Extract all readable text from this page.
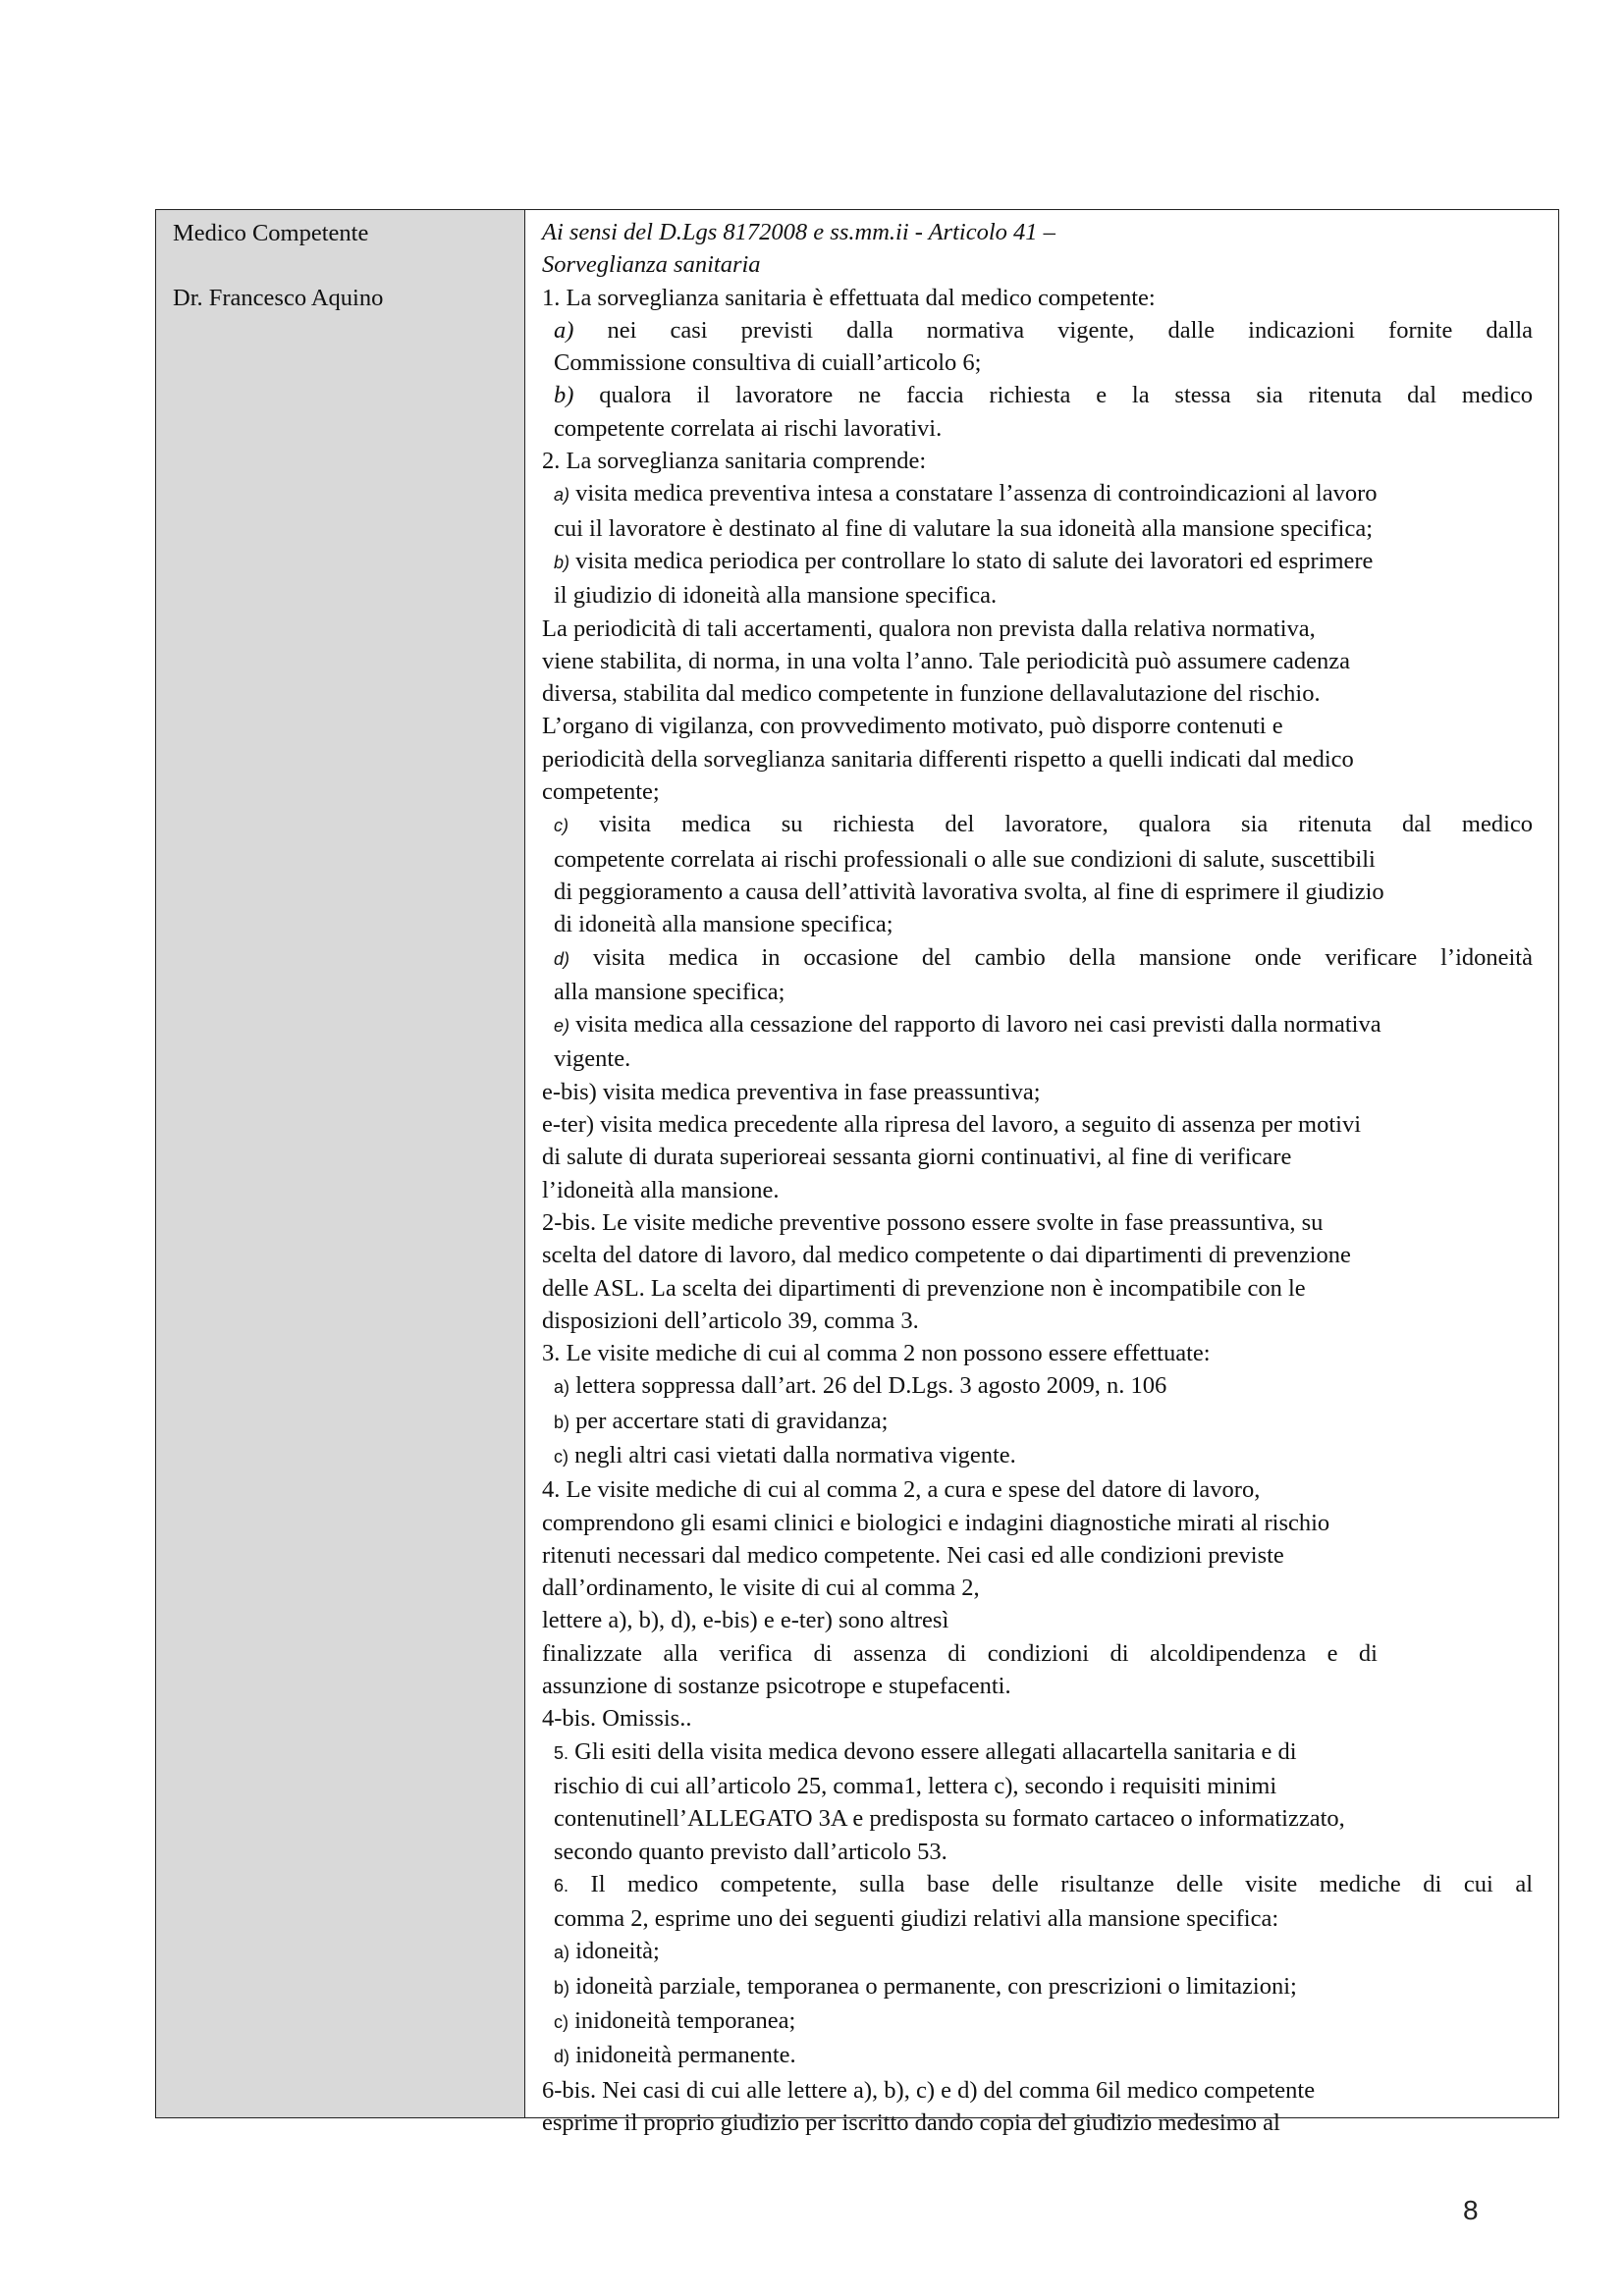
Medico Competente
Dr. Francesco Aquino
Ai sensi del D.Lgs 8172008 e ss.mm.ii - Articolo 41 –
Sorveglianza sanitaria
1. La sorveglianza sanitaria è effettuata dal medico competente:
a) nei casi previsti dalla normativa vigente, dalle indicazioni fornite dalla
Commissione consultiva di cuiall’articolo 6;
b) qualora il lavoratore ne faccia richiesta e la stessa sia ritenuta dal medico
competente correlata ai rischi lavorativi.
2. La sorveglianza sanitaria comprende:
a) visita medica preventiva intesa a constatare l’assenza di controindicazioni al lavoro
cui il lavoratore è destinato al fine di valutare la sua idoneità alla mansione specifica;
b) visita medica periodica per controllare lo stato di salute dei lavoratori ed esprimere
il giudizio di idoneità alla mansione specifica.
La periodicità di tali accertamenti, qualora non prevista dalla relativa normativa,
viene stabilita, di norma, in una volta l’anno. Tale periodicità può assumere cadenza
diversa, stabilita dal medico competente in funzione dellavalutazione del rischio.
L’organo di vigilanza, con provvedimento motivato, può disporre contenuti e
periodicità della sorveglianza sanitaria differenti rispetto a quelli indicati dal medico
competente;
c) visita medica su richiesta del lavoratore, qualora sia ritenuta dal medico
competente correlata ai rischi professionali o alle sue condizioni di salute, suscettibili
di peggioramento a causa dell’attività lavorativa svolta, al fine di esprimere il giudizio
di idoneità alla mansione specifica;
d) visita medica in occasione del cambio della mansione onde verificare l’idoneità
alla mansione specifica;
e) visita medica alla cessazione del rapporto di lavoro nei casi previsti dalla normativa
vigente.
e-bis) visita medica preventiva in fase preassuntiva;
e-ter) visita medica precedente alla ripresa del lavoro, a seguito di assenza per motivi
di salute di durata superioreai sessanta giorni continuativi, al fine di verificare
l’idoneità alla mansione.
2-bis. Le visite mediche preventive possono essere svolte in fase preassuntiva, su
scelta del datore di lavoro, dal medico competente o dai dipartimenti di prevenzione
delle ASL. La scelta dei dipartimenti di prevenzione non è incompatibile con le
disposizioni dell’articolo 39, comma 3.
3. Le visite mediche di cui al comma 2 non possono essere effettuate:
a) lettera soppressa dall’art. 26 del D.Lgs. 3 agosto 2009, n. 106
b) per accertare stati di gravidanza;
c) negli altri casi vietati dalla normativa vigente.
4. Le visite mediche di cui al comma 2, a cura e spese del datore di lavoro,
comprendono gli esami clinici e biologici e indagini diagnostiche mirati al rischio
ritenuti necessari dal medico competente. Nei casi ed alle condizioni previste
dall’ordinamento, le visite di cui al comma 2,
lettere a), b), d), e-bis) e e-ter) sono altresì
finalizzate alla verifica di assenza di condizioni di alcoldipendenza e di
assunzione di sostanze psicotrope e stupefacenti.
4-bis. Omissis..
5. Gli esiti della visita medica devono essere allegati allacartella sanitaria e di
rischio di cui all’articolo 25, comma1, lettera c), secondo i requisiti minimi
contenutinell’ALLEGATO 3A e predisposta su formato cartaceo o informatizzato,
secondo quanto previsto dall’articolo 53.
6. Il medico competente, sulla base delle risultanze delle visite mediche di cui al
comma 2, esprime uno dei seguenti giudizi relativi alla mansione specifica:
a) idoneità;
b) idoneità parziale, temporanea o permanente, con prescrizioni o limitazioni;
c) inidoneità temporanea;
d) inidoneità permanente.
6-bis. Nei casi di cui alle lettere a), b), c) e d) del comma 6il medico competente
esprime il proprio giudizio per iscritto dando copia del giudizio medesimo al
8
